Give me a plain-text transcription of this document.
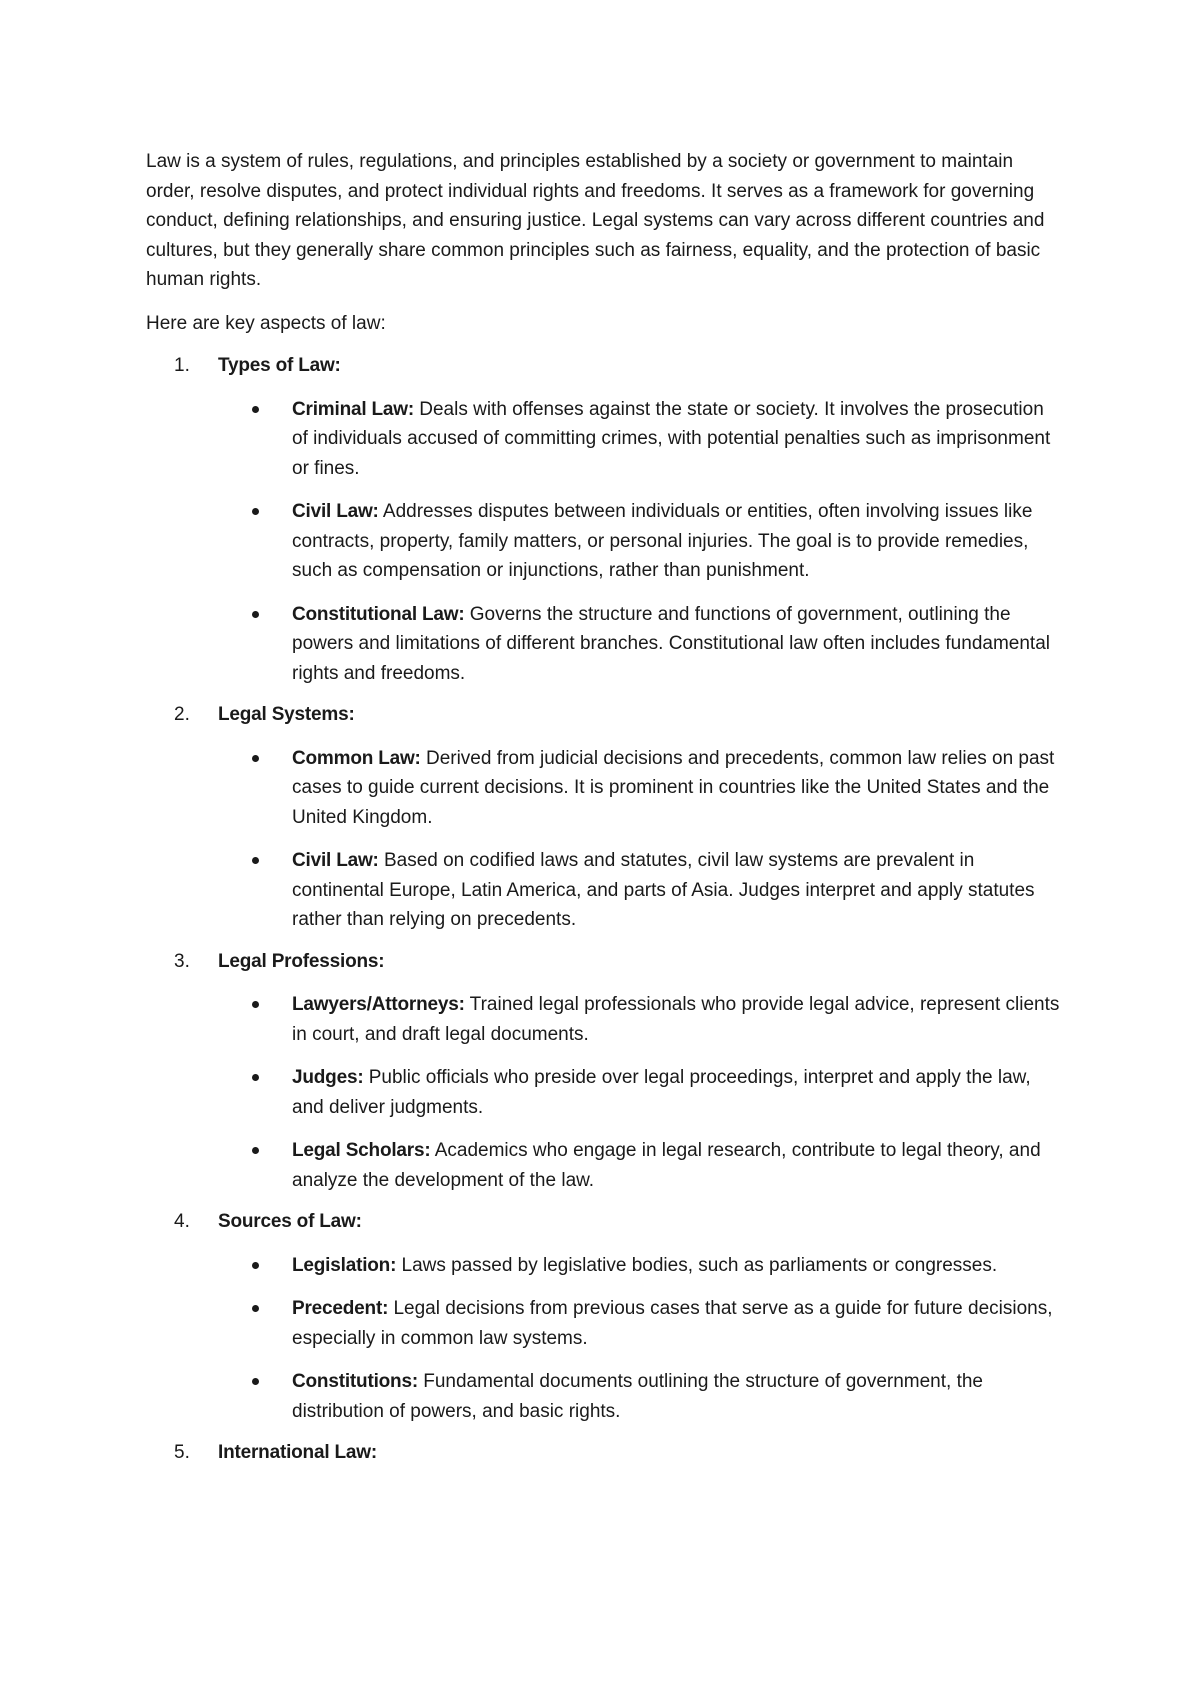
Law is a system of rules, regulations, and principles established by a society or government to maintain order, resolve disputes, and protect individual rights and freedoms. It serves as a framework for governing conduct, defining relationships, and ensuring justice. Legal systems can vary across different countries and cultures, but they generally share common principles such as fairness, equality, and the protection of basic human rights.

Here are key aspects of law:

1.	Types of Law:
Criminal Law: Deals with offenses against the state or society. It involves the prosecution of individuals accused of committing crimes, with potential penalties such as imprisonment or fines.
Civil Law: Addresses disputes between individuals or entities, often involving issues like contracts, property, family matters, or personal injuries. The goal is to provide remedies, such as compensation or injunctions, rather than punishment.
Constitutional Law: Governs the structure and functions of government, outlining the powers and limitations of different branches. Constitutional law often includes fundamental rights and freedoms.
2.	Legal Systems:
Common Law: Derived from judicial decisions and precedents, common law relies on past cases to guide current decisions. It is prominent in countries like the United States and the United Kingdom.
Civil Law: Based on codified laws and statutes, civil law systems are prevalent in continental Europe, Latin America, and parts of Asia. Judges interpret and apply statutes rather than relying on precedents.
3.	Legal Professions:
Lawyers/Attorneys: Trained legal professionals who provide legal advice, represent clients in court, and draft legal documents.
Judges: Public officials who preside over legal proceedings, interpret and apply the law, and deliver judgments.
Legal Scholars: Academics who engage in legal research, contribute to legal theory, and analyze the development of the law.
4.	Sources of Law:
Legislation: Laws passed by legislative bodies, such as parliaments or congresses.
Precedent: Legal decisions from previous cases that serve as a guide for future decisions, especially in common law systems.
Constitutions: Fundamental documents outlining the structure of government, the distribution of powers, and basic rights.
5.	International Law:
